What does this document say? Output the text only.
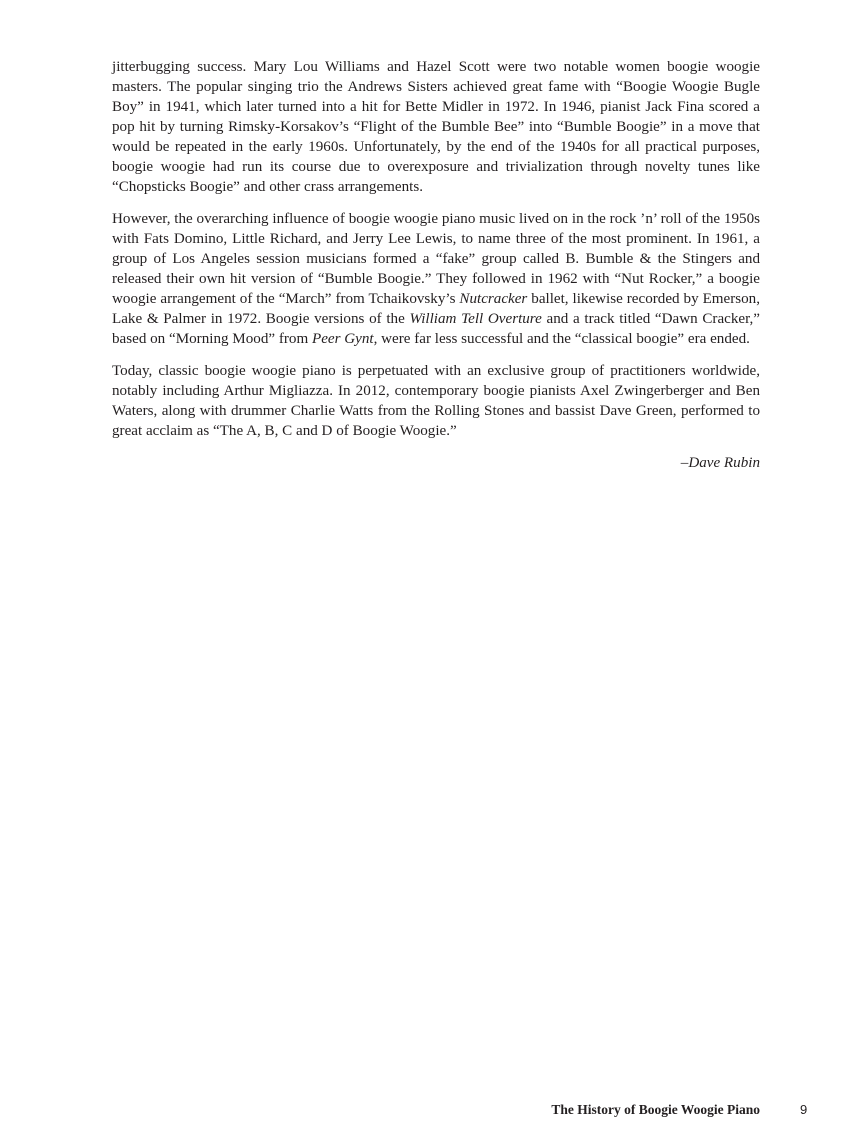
jitterbugging success. Mary Lou Williams and Hazel Scott were two notable women boogie woogie masters. The popular singing trio the Andrews Sisters achieved great fame with “Boogie Woogie Bugle Boy” in 1941, which later turned into a hit for Bette Midler in 1972. In 1946, pianist Jack Fina scored a pop hit by turning Rimsky-Korsakov’s “Flight of the Bumble Bee” into “Bumble Boogie” in a move that would be repeated in the early 1960s. Unfortunately, by the end of the 1940s for all practical purposes, boogie woogie had run its course due to overexposure and trivialization through novelty tunes like “Chopsticks Boogie” and other crass arrangements.

However, the overarching influence of boogie woogie piano music lived on in the rock ’n’ roll of the 1950s with Fats Domino, Little Richard, and Jerry Lee Lewis, to name three of the most prominent. In 1961, a group of Los Angeles session musicians formed a “fake” group called B. Bumble & the Stingers and released their own hit version of “Bumble Boogie.” They followed in 1962 with “Nut Rocker,” a boogie woogie arrangement of the “March” from Tchaikovsky’s Nutcracker ballet, likewise recorded by Emerson, Lake & Palmer in 1972. Boogie versions of the William Tell Overture and a track titled “Dawn Cracker,” based on “Morning Mood” from Peer Gynt, were far less successful and the “classical boogie” era ended.

Today, classic boogie woogie piano is perpetuated with an exclusive group of practitioners worldwide, notably including Arthur Migliazza. In 2012, contemporary boogie pianists Axel Zwingerberger and Ben Waters, along with drummer Charlie Watts from the Rolling Stones and bassist Dave Green, performed to great acclaim as “The A, B, C and D of Boogie Woogie.”

–Dave Rubin

The History of Boogie Woogie Piano	9
